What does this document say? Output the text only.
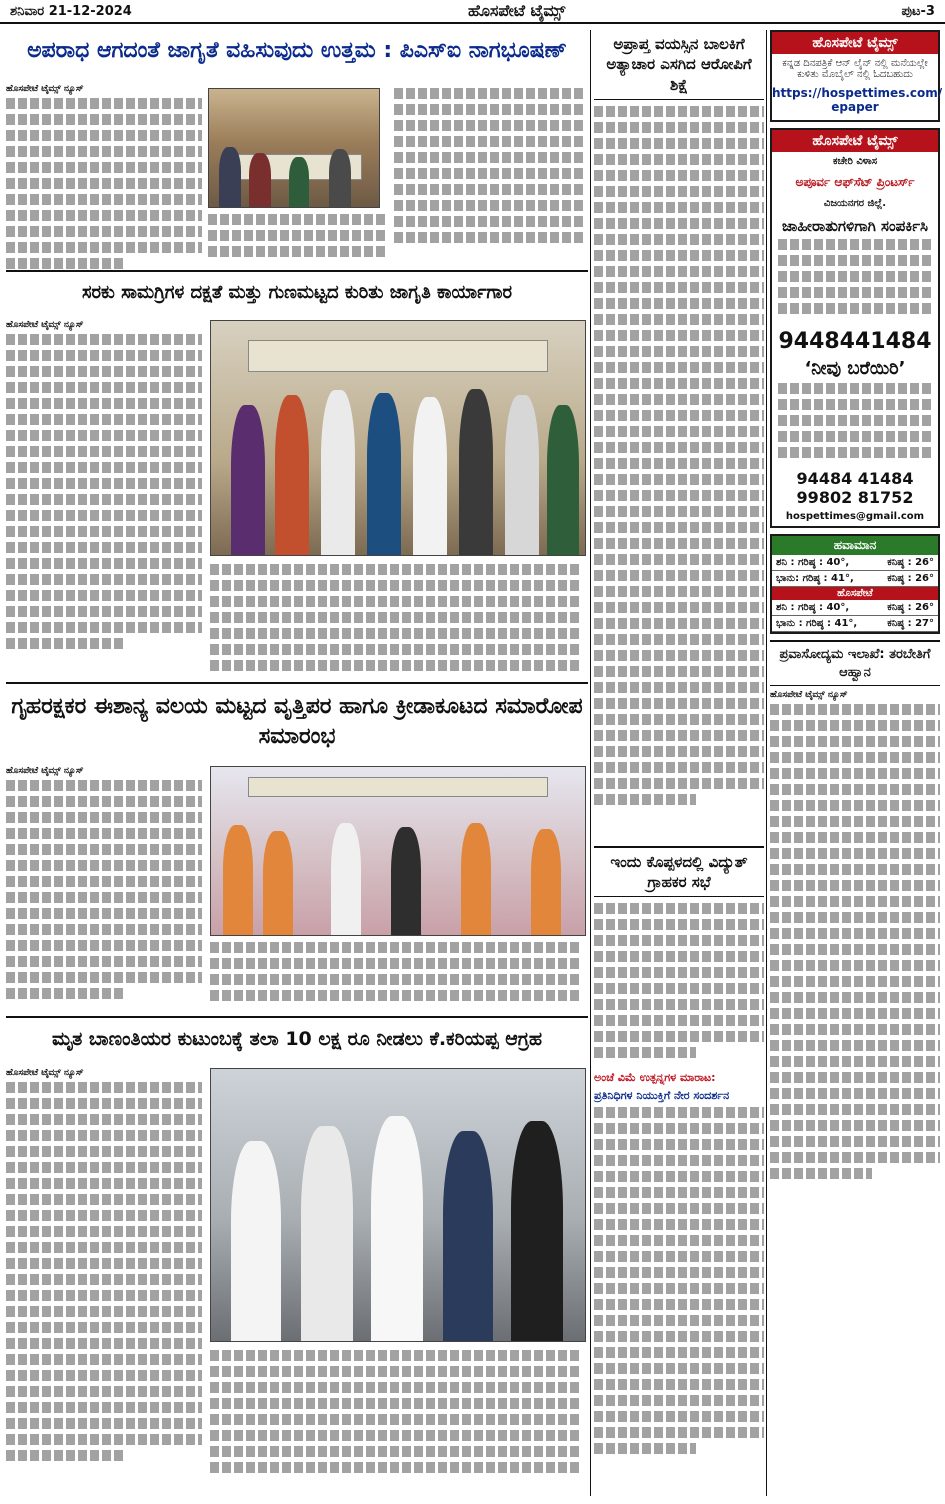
ಶನಿವಾರ 21-12-2024	ಹೊಸಪೇಟೆ ಟೈಮ್ಸ್	ಪುಟ-3
ಅಪರಾಧ ಆಗದಂತೆ ಜಾಗೃತೆ ವಹಿಸುವುದು ಉತ್ತಮ : ಪಿಎಸ್‌ಐ ನಾಗಭೂಷಣ್
ಹೊಸಪೇಟೆ ಟೈಮ್ಸ್ ನ್ಯೂಸ್
ಸರಕು ಸಾಮಗ್ರಿಗಳ ದಕ್ಷತೆ ಮತ್ತು ಗುಣಮಟ್ಟದ ಕುರಿತು ಜಾಗೃತಿ ಕಾರ್ಯಾಗಾರ
ಹೊಸಪೇಟೆ ಟೈಮ್ಸ್ ನ್ಯೂಸ್
ಗೃಹರಕ್ಷಕರ ಈಶಾನ್ಯ ವಲಯ ಮಟ್ಟದ ವೃತ್ತಿಪರ ಹಾಗೂ ಕ್ರೀಡಾಕೂಟದ ಸಮಾರೋಪ ಸಮಾರಂಭ
ಹೊಸಪೇಟೆ ಟೈಮ್ಸ್ ನ್ಯೂಸ್
ಮೃತ ಬಾಣಂತಿಯರ ಕುಟುಂಬಕ್ಕೆ ತಲಾ 10 ಲಕ್ಷ ರೂ ನೀಡಲು ಕೆ.ಕರಿಯಪ್ಪ ಆಗ್ರಹ
ಹೊಸಪೇಟೆ ಟೈಮ್ಸ್ ನ್ಯೂಸ್
ಅಪ್ರಾಪ್ತ ವಯಸ್ಸಿನ ಬಾಲಕಿಗೆ ಅತ್ಯಾಚಾರ ಎಸಗಿದ ಆರೋಪಿಗೆ ಶಿಕ್ಷೆ
ಇಂದು ಕೊಪ್ಪಳದಲ್ಲಿ ವಿದ್ಯುತ್ ಗ್ರಾಹಕರ ಸಭೆ
ಅಂಚೆ ವಿಮೆ ಉತ್ಪನ್ನಗಳ ಮಾರಾಟ:
ಪ್ರತಿನಿಧಿಗಳ ನಿಯುಕ್ತಿಗೆ ನೇರ ಸಂದರ್ಶನ
ಹೊಸಪೇಟೆ ಟೈಮ್ಸ್
ಕನ್ನಡ ದಿನಪತ್ರಿಕೆ ಆನ್ ಲೈನ್ ನಲ್ಲಿ ಮನೆಯಲ್ಲೇ ಕುಳಿತು ಮೊಬೈಲ್ ನಲ್ಲಿ ಓದಬಹುದು
https://hospettimes.com/ epaper
ಹೊಸಪೇಟೆ ಟೈಮ್ಸ್
ಕಚೇರಿ ವಿಳಾಸ
ಅಪೂರ್ವ ಆಫ್‌ಸೆಟ್ ಪ್ರಿಂಟರ್ಸ್
ವಿಜಯನಗರ ಜಿಲ್ಲೆ.
ಜಾಹೀರಾತುಗಳಿಗಾಗಿ ಸಂಪರ್ಕಿಸಿ
9448441484
‘ನೀವು ಬರೆಯಿರಿ’
94484 41484
99802 81752
hospettimes@gmail.com
ಹವಾಮಾನ
ಶನಿ : ಗರಿಷ್ಠ : 40°,	ಕನಿಷ್ಠ : 26°
ಭಾನು: ಗರಿಷ್ಠ : 41°,	ಕನಿಷ್ಠ : 26°
ಹೊಸಪೇಟೆ
ಶನಿ : ಗರಿಷ್ಠ : 40°,	ಕನಿಷ್ಠ : 26°
ಭಾನು : ಗರಿಷ್ಠ : 41°,	ಕನಿಷ್ಠ : 27°
ಪ್ರವಾಸೋದ್ಯಮ ಇಲಾಖೆ: ತರಬೇತಿಗೆ ಆಹ್ವಾನ
ಹೊಸಪೇಟೆ ಟೈಮ್ಸ್ ನ್ಯೂಸ್
